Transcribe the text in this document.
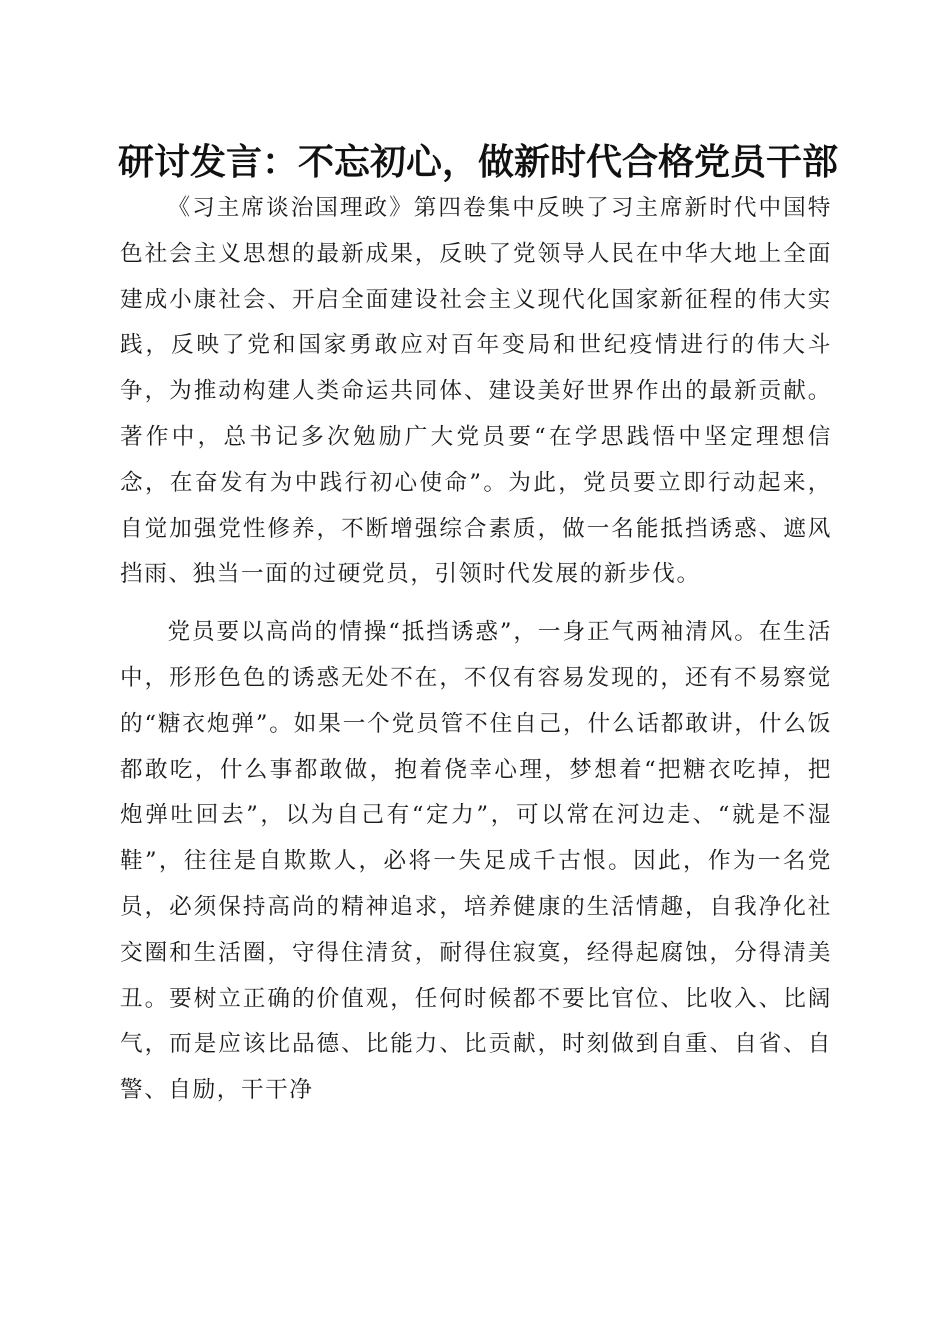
研讨发言：不忘初心，做新时代合格党员干部

《习主席谈治国理政》第四卷集中反映了习主席新时代中国特色社会主义思想的最新成果，反映了党领导人民在中华大地上全面建成小康社会、开启全面建设社会主义现代化国家新征程的伟大实践，反映了党和国家勇敢应对百年变局和世纪疫情进行的伟大斗争，为推动构建人类命运共同体、建设美好世界作出的最新贡献。著作中，总书记多次勉励广大党员要“在学思践悟中坚定理想信念，在奋发有为中践行初心使命”。为此，党员要立即行动起来，自觉加强党性修养，不断增强综合素质，做一名能抵挡诱惑、遮风挡雨、独当一面的过硬党员，引领时代发展的新步伐。

党员要以高尚的情操“抵挡诱惑”，一身正气两袖清风。在生活中，形形色色的诱惑无处不在，不仅有容易发现的，还有不易察觉的“糖衣炮弹”。如果一个党员管不住自己，什么话都敢讲，什么饭都敢吃，什么事都敢做，抱着侥幸心理，梦想着“把糖衣吃掉，把炮弹吐回去”，以为自己有“定力”，可以常在河边走、“就是不湿鞋”，往往是自欺欺人，必将一失足成千古恨。因此，作为一名党员，必须保持高尚的精神追求，培养健康的生活情趣，自我净化社交圈和生活圈，守得住清贫，耐得住寂寞，经得起腐蚀，分得清美丑。要树立正确的价值观，任何时候都不要比官位、比收入、比阔气，而是应该比品德、比能力、比贡献，时刻做到自重、自省、自警、自励，干干净
